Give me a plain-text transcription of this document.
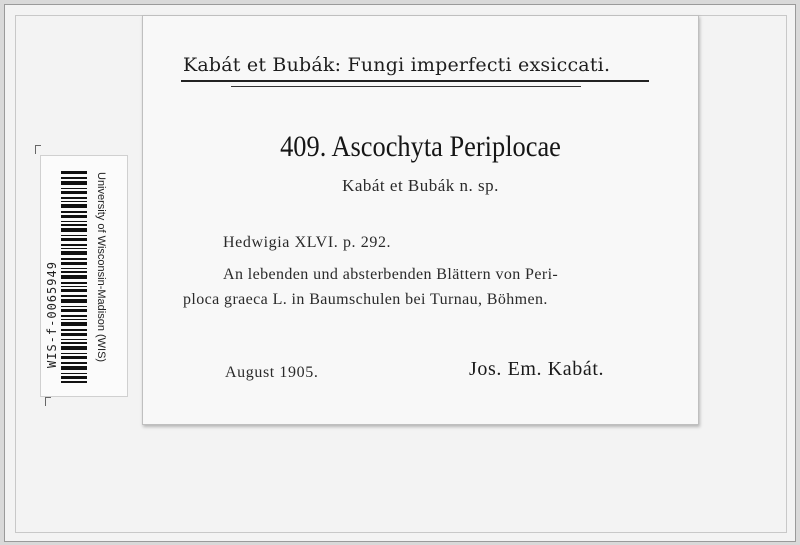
University of Wisconsin-Madison (WIS)
WIS-f-0065949
Kabát et Bubák: Fungi imperfecti exsiccati.
409. Ascochyta Periplocae
Kabát et Bubák n. sp.
Hedwigia XLVI. p. 292.
An lebenden und absterbenden Blättern von Peri-
ploca graeca L. in Baumschulen bei Turnau, Böhmen.
August 1905.	Jos. Em. Kabát.
